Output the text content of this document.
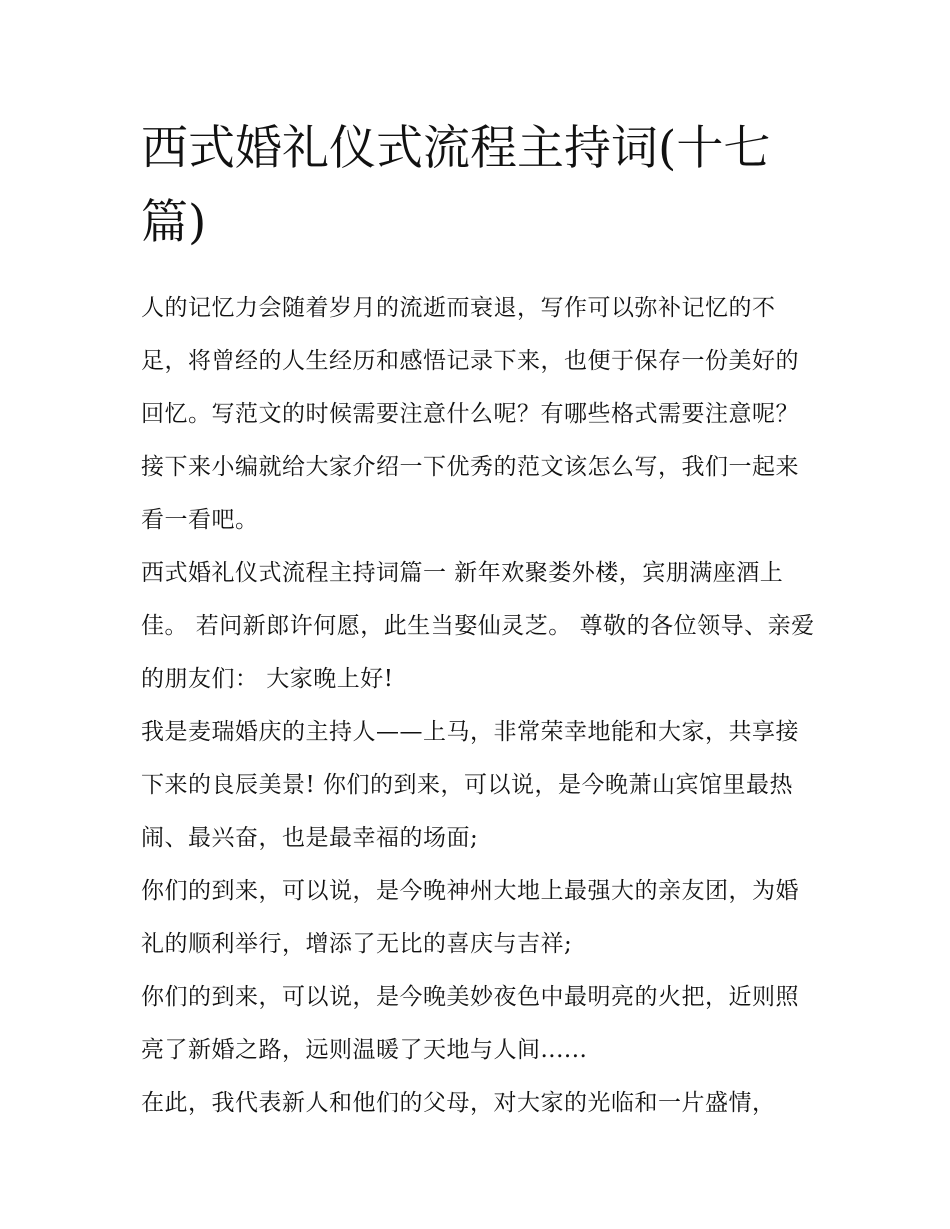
西式婚礼仪式流程主持词(十七篇)

人的记忆力会随着岁月的流逝而衰退，写作可以弥补记忆的不足，将曾经的人生经历和感悟记录下来，也便于保存一份美好的回忆。写范文的时候需要注意什么呢？有哪些格式需要注意呢？接下来小编就给大家介绍一下优秀的范文该怎么写，我们一起来看一看吧。

西式婚礼仪式流程主持词篇一 新年欢聚娄外楼，宾朋满座酒上佳。 若问新郎许何愿，此生当娶仙灵芝。 尊敬的各位领导、亲爱的朋友们： 大家晚上好!

我是麦瑞婚庆的主持人——上马，非常荣幸地能和大家，共享接下来的良辰美景! 你们的到来，可以说，是今晚萧山宾馆里最热闹、最兴奋，也是最幸福的场面;

你们的到来，可以说，是今晚神州大地上最强大的亲友团，为婚礼的顺利举行，增添了无比的喜庆与吉祥;

你们的到来，可以说，是今晚美妙夜色中最明亮的火把，近则照亮了新婚之路，远则温暖了天地与人间......

在此，我代表新人和他们的父母，对大家的光临和一片盛情，
